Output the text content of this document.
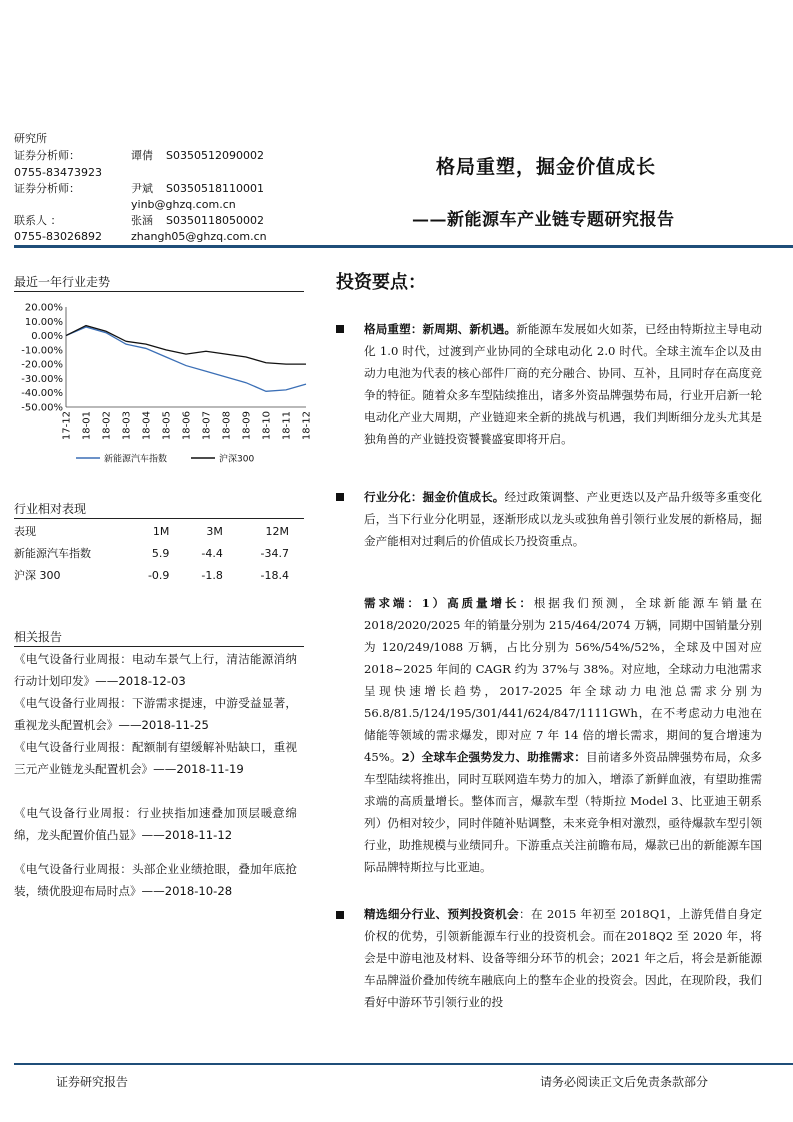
研究所
证券分析师：	谭倩 S0350512090002
0755-83473923
证券分析师：	尹斌 S0350518110001
yinb@ghzq.com.cn
联系人 ：	张涵 S0350118050002
0755-83026892	zhangh05@ghzq.com.cn
格局重塑，掘金价值成长
——新能源车产业链专题研究报告
最近一年行业走势
20.00%
10.00%
0.00%
-10.00%
-20.00%
-30.00%
-40.00%
-50.00%
17-12 18-01 18-02 18-03 18-04 18-05 18-06 18-07 18-08 18-09 18-10 18-11 18-12
新能源汽车指数	沪深300
行业相对表现
表现	1M	3M	12M
新能源汽车指数	5.9	-4.4	-34.7
沪深 300	-0.9	-1.8	-18.4
相关报告
《电气设备行业周报：电动车景气上行，清洁能源消纳行动计划印发》——2018-12-03
《电气设备行业周报：下游需求提速，中游受益显著，重视龙头配置机会》——2018-11-25
《电气设备行业周报：配额制有望缓解补贴缺口，重视三元产业链龙头配置机会》——2018-11-19
《电气设备行业周报：行业挟指加速叠加顶层暖意绵绵，龙头配置价值凸显》——2018-11-12
《电气设备行业周报：头部企业业绩抢眼，叠加年底抢装，绩优股迎布局时点》——2018-10-28
投资要点：
格局重塑：新周期、新机遇。新能源车发展如火如荼，已经由特斯拉主导电动化 1.0 时代，过渡到产业协同的全球电动化 2.0 时代。全球主流车企以及由动力电池为代表的核心部件厂商的充分融合、协同、互补，且同时存在高度竞争的特征。随着众多车型陆续推出，诸多外资品牌强势布局，行业开启新一轮电动化产业大周期，产业链迎来全新的挑战与机遇，我们判断细分龙头尤其是独角兽的产业链投资饕餮盛宴即将开启。
行业分化：掘金价值成长。经过政策调整、产业更迭以及产品升级等多重变化后，当下行业分化明显，逐渐形成以龙头或独角兽引领行业发展的新格局，掘金产能相对过剩后的价值成长乃投资重点。
需求端：1）高质量增长：根据我们预测，全球新能源车销量在 2018/2020/2025 年的销量分别为 215/464/2074 万辆，同期中国销量分别为 120/249/1088 万辆，占比分别为 56%/54%/52%，全球及中国对应 2018~2025 年间的 CAGR 约为 37%与 38%。对应地，全球动力电池需求呈现快速增长趋势，2017-2025 年全球动力电池总需求分别为 56.8/81.5/124/195/301/441/624/847/1111GWh，在不考虑动力电池在储能等领域的需求爆发，即对应 7 年 14 倍的增长需求，期间的复合增速为 45%。2）全球车企强势发力、助推需求：目前诸多外资品牌强势布局，众多车型陆续将推出，同时互联网造车势力的加入，增添了新鲜血液，有望助推需求端的高质量增长。整体而言，爆款车型（特斯拉 Model 3、比亚迪王朝系列）仍相对较少，同时伴随补贴调整，未来竞争相对激烈，亟待爆款车型引领行业，助推规模与业绩同升。下游重点关注前瞻布局，爆款已出的新能源车国际品牌特斯拉与比亚迪。
精选细分行业、预判投资机会：在 2015 年初至 2018Q1，上游凭借自身定价权的优势，引领新能源车行业的投资机会。而在2018Q2 至 2020 年，将会是中游电池及材料、设备等细分环节的机会；2021 年之后，将会是新能源车品牌溢价叠加传统车融底向上的整车企业的投资会。因此，在现阶段，我们看好中游环节引领行业的投
证券研究报告	请务必阅读正文后免责条款部分
